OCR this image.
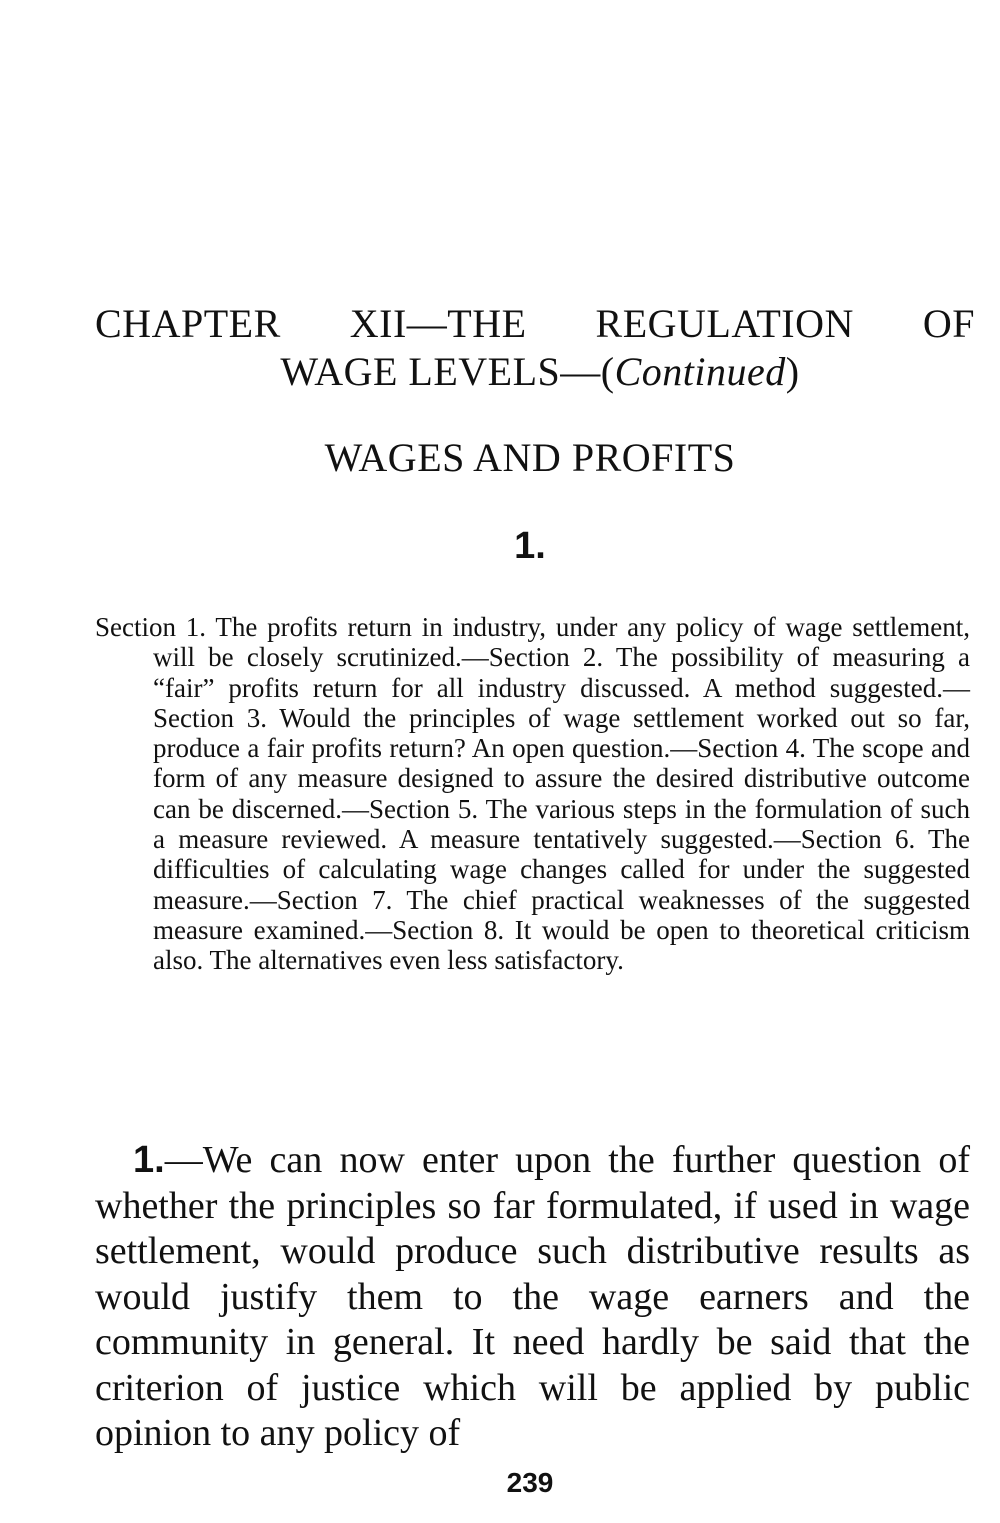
CHAPTER XII—THE REGULATION OF
WAGE LEVELS—(Continued)
WAGES AND PROFITS
1.
Section 1. The profits return in industry, under any policy of wage settlement, will be closely scrutinized.—Section 2. The possibility of measuring a “fair” profits return for all industry discussed. A method suggested.—Section 3. Would the principles of wage settlement worked out so far, produce a fair profits return? An open question.—Section 4. The scope and form of any measure designed to assure the desired distributive outcome can be discerned.—Section 5. The various steps in the formulation of such a measure reviewed. A measure tentatively suggested.—Section 6. The difficulties of calculating wage changes called for under the suggested measure.—Section 7. The chief practical weaknesses of the suggested measure examined.—Section 8. It would be open to theoretical criticism also. The alternatives even less satisfactory.
1.—We can now enter upon the further question of whether the principles so far formulated, if used in wage settlement, would produce such distributive results as would justify them to the wage earners and the community in general. It need hardly be said that the criterion of justice which will be applied by public opinion to any policy of
239
